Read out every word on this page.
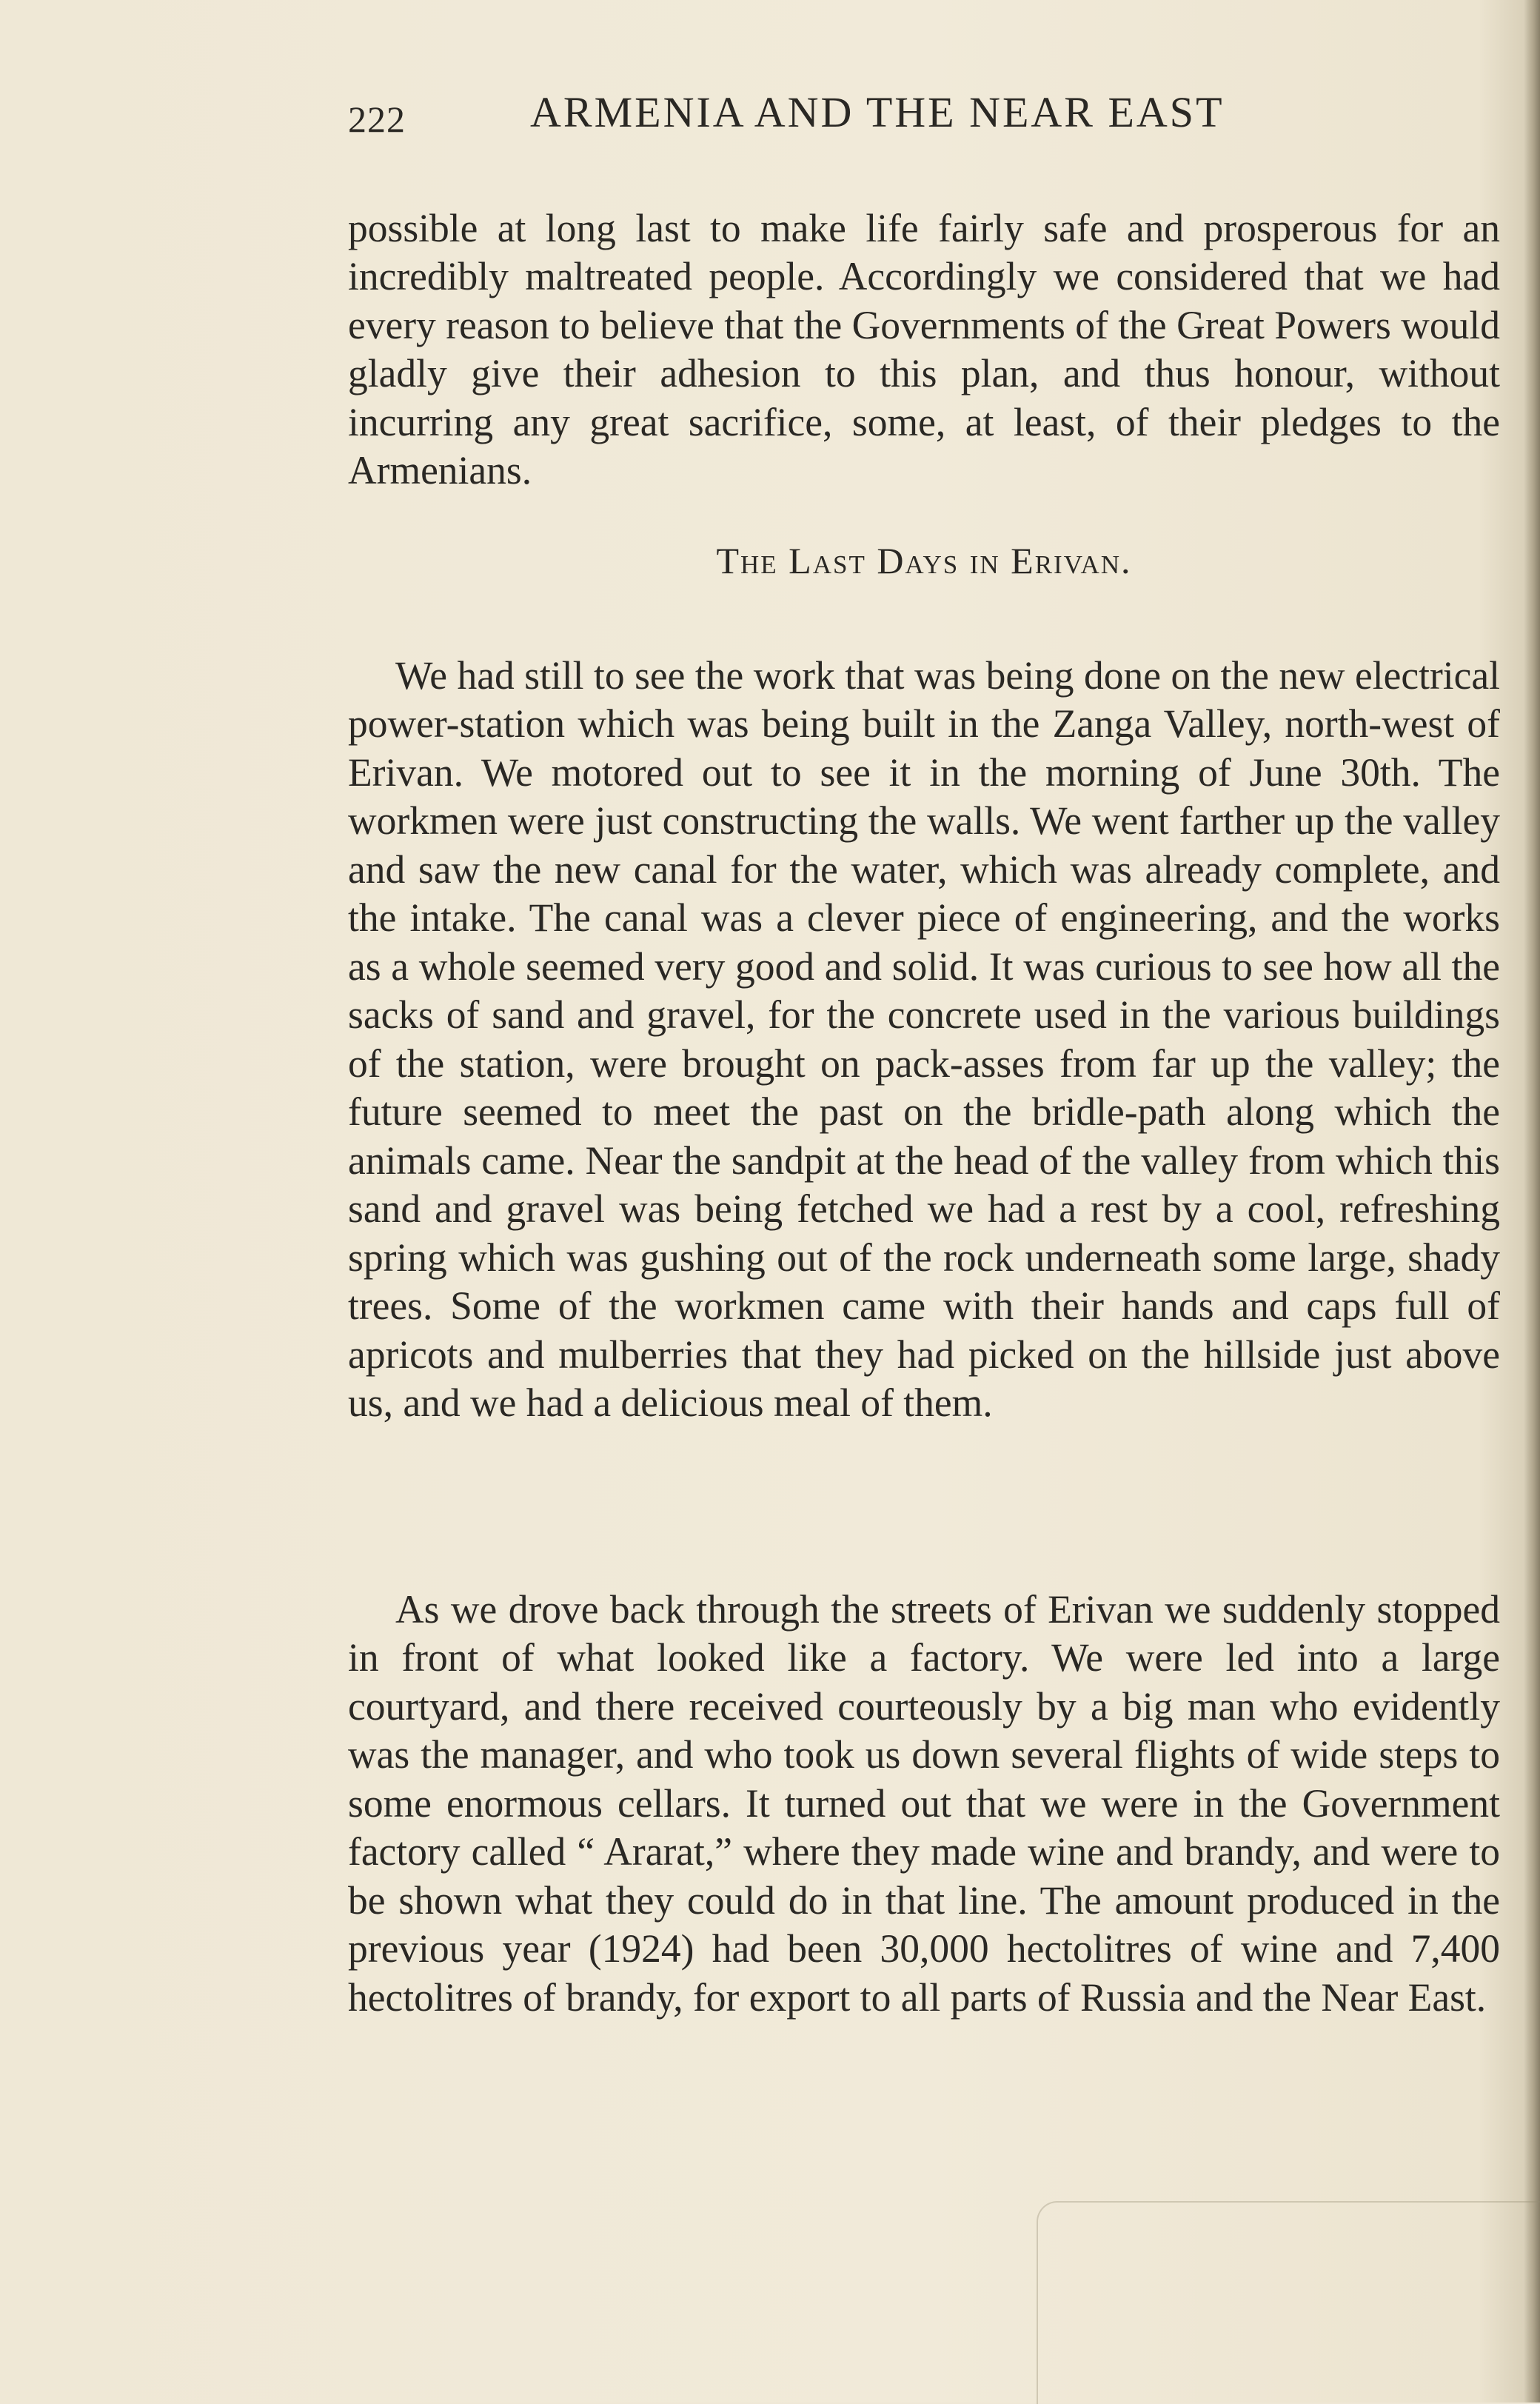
222	ARMENIA AND THE NEAR EAST

possible at long last to make life fairly safe and prosperous for an incredibly maltreated people. Accordingly we considered that we had every reason to believe that the Governments of the Great Powers would gladly give their adhesion to this plan, and thus honour, without incurring any great sacrifice, some, at least, of their pledges to the Armenians.

The Last Days in Erivan.

We had still to see the work that was being done on the new electrical power-station which was being built in the Zanga Valley, north-west of Erivan. We motored out to see it in the morning of June 30th. The workmen were just constructing the walls. We went farther up the valley and saw the new canal for the water, which was already complete, and the intake. The canal was a clever piece of engineering, and the works as a whole seemed very good and solid. It was curious to see how all the sacks of sand and gravel, for the concrete used in the various buildings of the station, were brought on pack-asses from far up the valley; the future seemed to meet the past on the bridle-path along which the animals came. Near the sandpit at the head of the valley from which this sand and gravel was being fetched we had a rest by a cool, refreshing spring which was gushing out of the rock underneath some large, shady trees. Some of the workmen came with their hands and caps full of apricots and mulberries that they had picked on the hillside just above us, and we had a delicious meal of them.

As we drove back through the streets of Erivan we suddenly stopped in front of what looked like a factory. We were led into a large courtyard, and there received courteously by a big man who evidently was the manager, and who took us down several flights of wide steps to some enormous cellars. It turned out that we were in the Government factory called “ Ararat,” where they made wine and brandy, and were to be shown what they could do in that line. The amount produced in the previous year (1924) had been 30,000 hectolitres of wine and 7,400 hectolitres of brandy, for export to all parts of Russia and the Near East.
